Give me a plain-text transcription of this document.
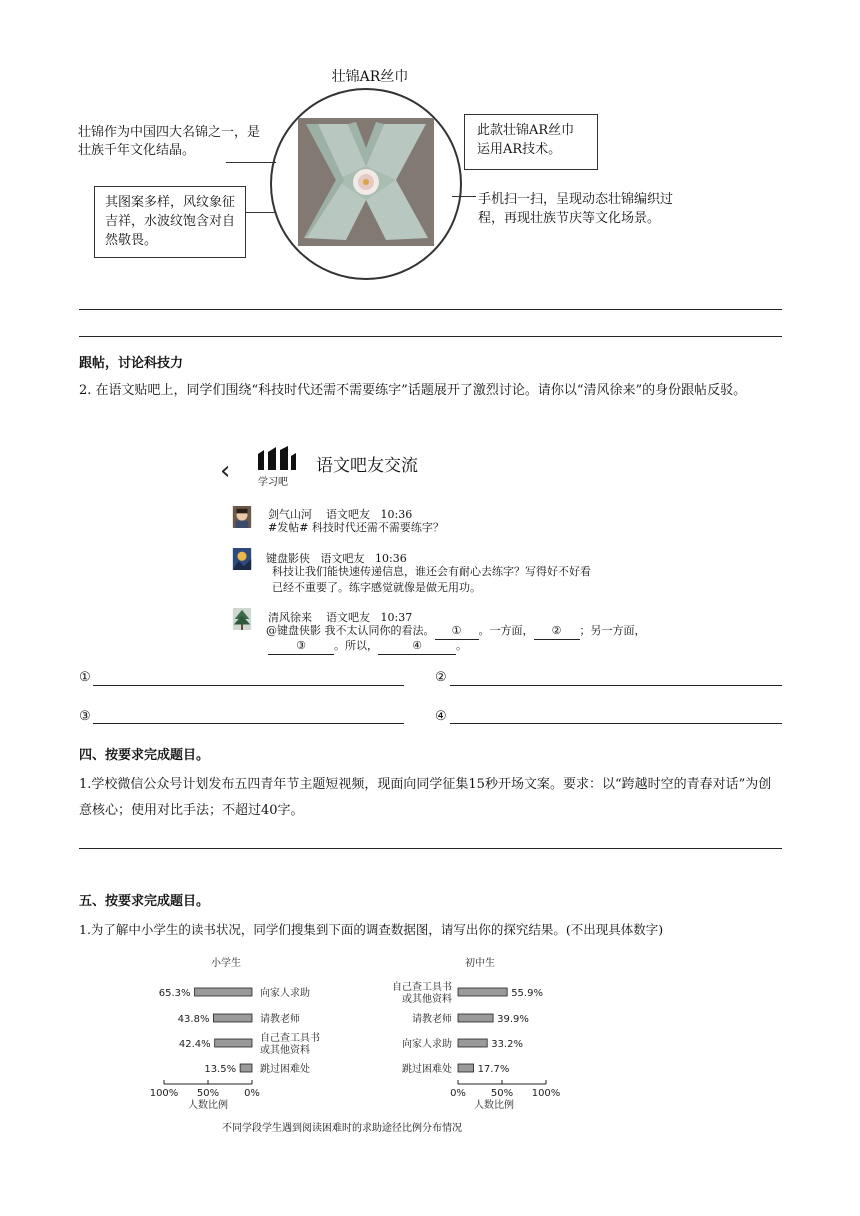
壮锦AR丝巾
壮锦作为中国四大名锦之一，是壮族千年文化结晶。
其图案多样，风纹象征吉祥，水波纹饱含对自然敬畏。
此款壮锦AR丝巾运用AR技术。
手机扫一扫，呈现动态壮锦编织过程，再现壮族节庆等文化场景。
跟帖，讨论科技力
2. 在语文贴吧上，同学们围绕“科技时代还需不需要练字”话题展开了激烈讨论。请你以“清风徐来”的身份跟帖反驳。
‹	学习吧
语文吧友交流
剑气山河 语文吧友 10:36
#发帖# 科技时代还需不需要练字？
键盘影侠 语文吧友 10:36
科技让我们能快速传递信息，谁还会有耐心去练字？写得好不好看
已经不重要了。练字感觉就像是做无用功。
清风徐来 语文吧友 10:37
@键盘侠影 我不太认同你的看法。 ① 。一方面， ② ；另一方面，
③	。所以，	④	。
①	②
③	④
四、按要求完成题目。
1.学校微信公众号计划发布五四青年节主题短视频，现面向同学征集15秒开场文案。要求：以“跨越时空的青春对话”为创意核心；使用对比手法；不超过40字。
五、按要求完成题目。
1.为了解中小学生的读书状况，同学们搜集到下面的调查数据图，请写出你的探究结果。(不出现具体数字)
小学生
65.3%	向家人求助
43.8%	请教老师
42.4%
自己查工具书
或其他资料
13.5% 跳过困难处
100% 50% 0%
人数比例
初中生
55.9%
自己查工具书
或其他资料
39.9%
请教老师
33.2%
向家人求助
17.7%
跳过困难处
0% 50% 100%
人数比例
不同学段学生遇到阅读困难时的求助途径比例分布情况
